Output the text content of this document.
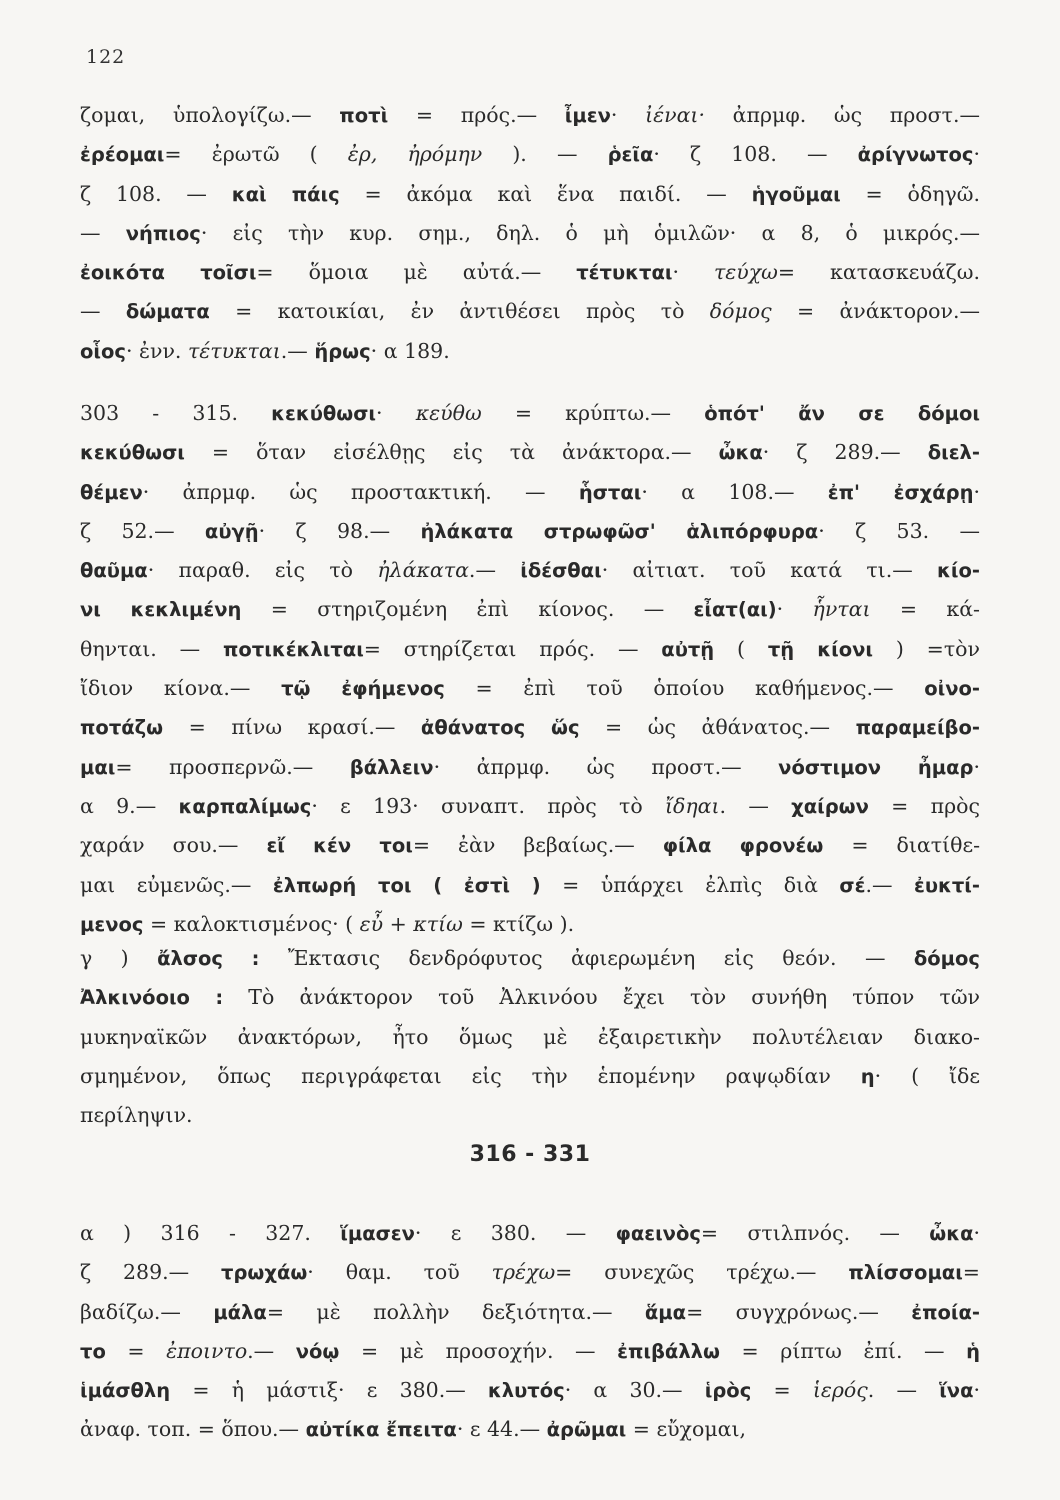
122
ζομαι, ὑπολογίζω.— ποτὶ = πρός.— ἶμεν· ἰέναι· ἀπρμφ. ὡς πρoστ.—
ἐρέομαι= ἐρωτῶ ( ἐρ, ἠρόμην ). — ῥεῖα· ζ 108. — ἀρίγνωτος·
ζ 108. — καὶ πάις = ἀκόμα καὶ ἕνα παιδί. — ἡγοῦμαι = ὁδηγῶ.
— νήπιος· εἰς τὴν κυρ. σημ., δηλ. ὁ μὴ ὁμιλῶν· α 8, ὁ μικρός.—
ἐοικότα τοῖσι= ὅμοια μὲ αὐτά.— τέτυκται· τεύχω= κατασκευάζω.
— δώματα = κατοικίαι, ἐν ἀντιθέσει πρὸς τὸ δόμος = ἀνάκτορον.—
οἷος· ἐνν. τέτυκται.— ἥρως· α 189.
303 - 315. κεκύθωσι· κεύθω = κρύπτω.— ὁπότ' ἄν σε δόμοι
κεκύθωσι = ὅταν εἰσέλθῃς εἰς τὰ ἀνάκτορα.— ὦκα· ζ 289.— διελ-
θέμεν· ἀπρμφ. ὡς προστακτική. — ἧσται· α 108.— ἐπ' ἐσχάρῃ·
ζ 52.— αὐγῇ· ζ 98.— ἠλάκατα στρωφῶσ' ἁλιπόρφυρα· ζ 53. —
θαῦμα· παραθ. εἰς τὸ ἠλάκατα.— ἰδέσθαι· αἰτιατ. τοῦ κατά τι.— κίο-
νι κεκλιμένη = στηριζομένη ἐπὶ κίονος. — εἶατ(αι)· ἧνται = κά-
θηνται. — ποτικέκλιται= στηρίζεται πρός. — αὐτῇ ( τῇ κίονι ) =τὸν
ἴδιον κίονα.— τῷ ἐφήμενος = ἐπὶ τοῦ ὁποίου καθήμενος.— οἰνο-
ποτάζω = πίνω κρασί.— ἀθάνατος ὥς = ὡς ἀθάνατος.— παραμείβο-
μαι= προσπερνῶ.— βάλλειν· ἀπρμφ. ὡς προστ.— νόστιμον ἦμαρ·
α 9.— καρπαλίμως· ε 193· συναπτ. πρὸς τὸ ἴδηαι. — χαίρων = πρὸς
χαράν σου.— εἴ κέν τοι= ἐὰν βεβαίως.— φίλα φρονέω = διατίθε-
μαι εὐμενῶς.— ἐλπωρή τοι ( ἐστὶ ) = ὑπάρχει ἐλπὶς διὰ σέ.— ἐυκτί-
μενος = καλοκτισμένος· ( εὖ + κτίω = κτίζω ).
γ ) ἄλσος : Ἔκτασις δενδρόφυτος ἀφιερωμένη εἰς θεόν. — δόμος
Ἀλκινόοιο : Τὸ ἀνάκτορον τοῦ Ἀλκινόου ἔχει τὸν συνήθη τύπον τῶν
μυκηναϊκῶν ἀνακτόρων, ἦτο ὅμως μὲ ἐξαιρετικὴν πολυτέλειαν διακο-
σμημένον, ὅπως περιγράφεται εἰς τὴν ἑπομένην ραψῳδίαν η· ( ἴδε
περίληψιν.
316 - 331
α ) 316 - 327. ἵμασεν· ε 380. — φαεινὸς= στιλπνός. — ὦκα·
ζ 289.— τρωχάω· θαμ. τοῦ τρέχω= συνεχῶς τρέχω.— πλίσσομαι=
βαδίζω.— μάλα= μὲ πολλὴν δεξιότητα.— ἅμα= συγχρόνως.— ἐποία-
το = ἐποιντο.— νόῳ = μὲ προσοχήν. — ἐπιβάλλω = ρίπτω ἐπί. — ἡ
ἱμάσθλη = ἡ μάστιξ· ε 380.— κλυτός· α 30.— ἱρὸς = ἱερός. — ἵνα·
ἀναφ. τοπ. = ὅπου.— αὐτίκα ἔπειτα· ε 44.— ἀρῶμαι = εὔχομαι,
